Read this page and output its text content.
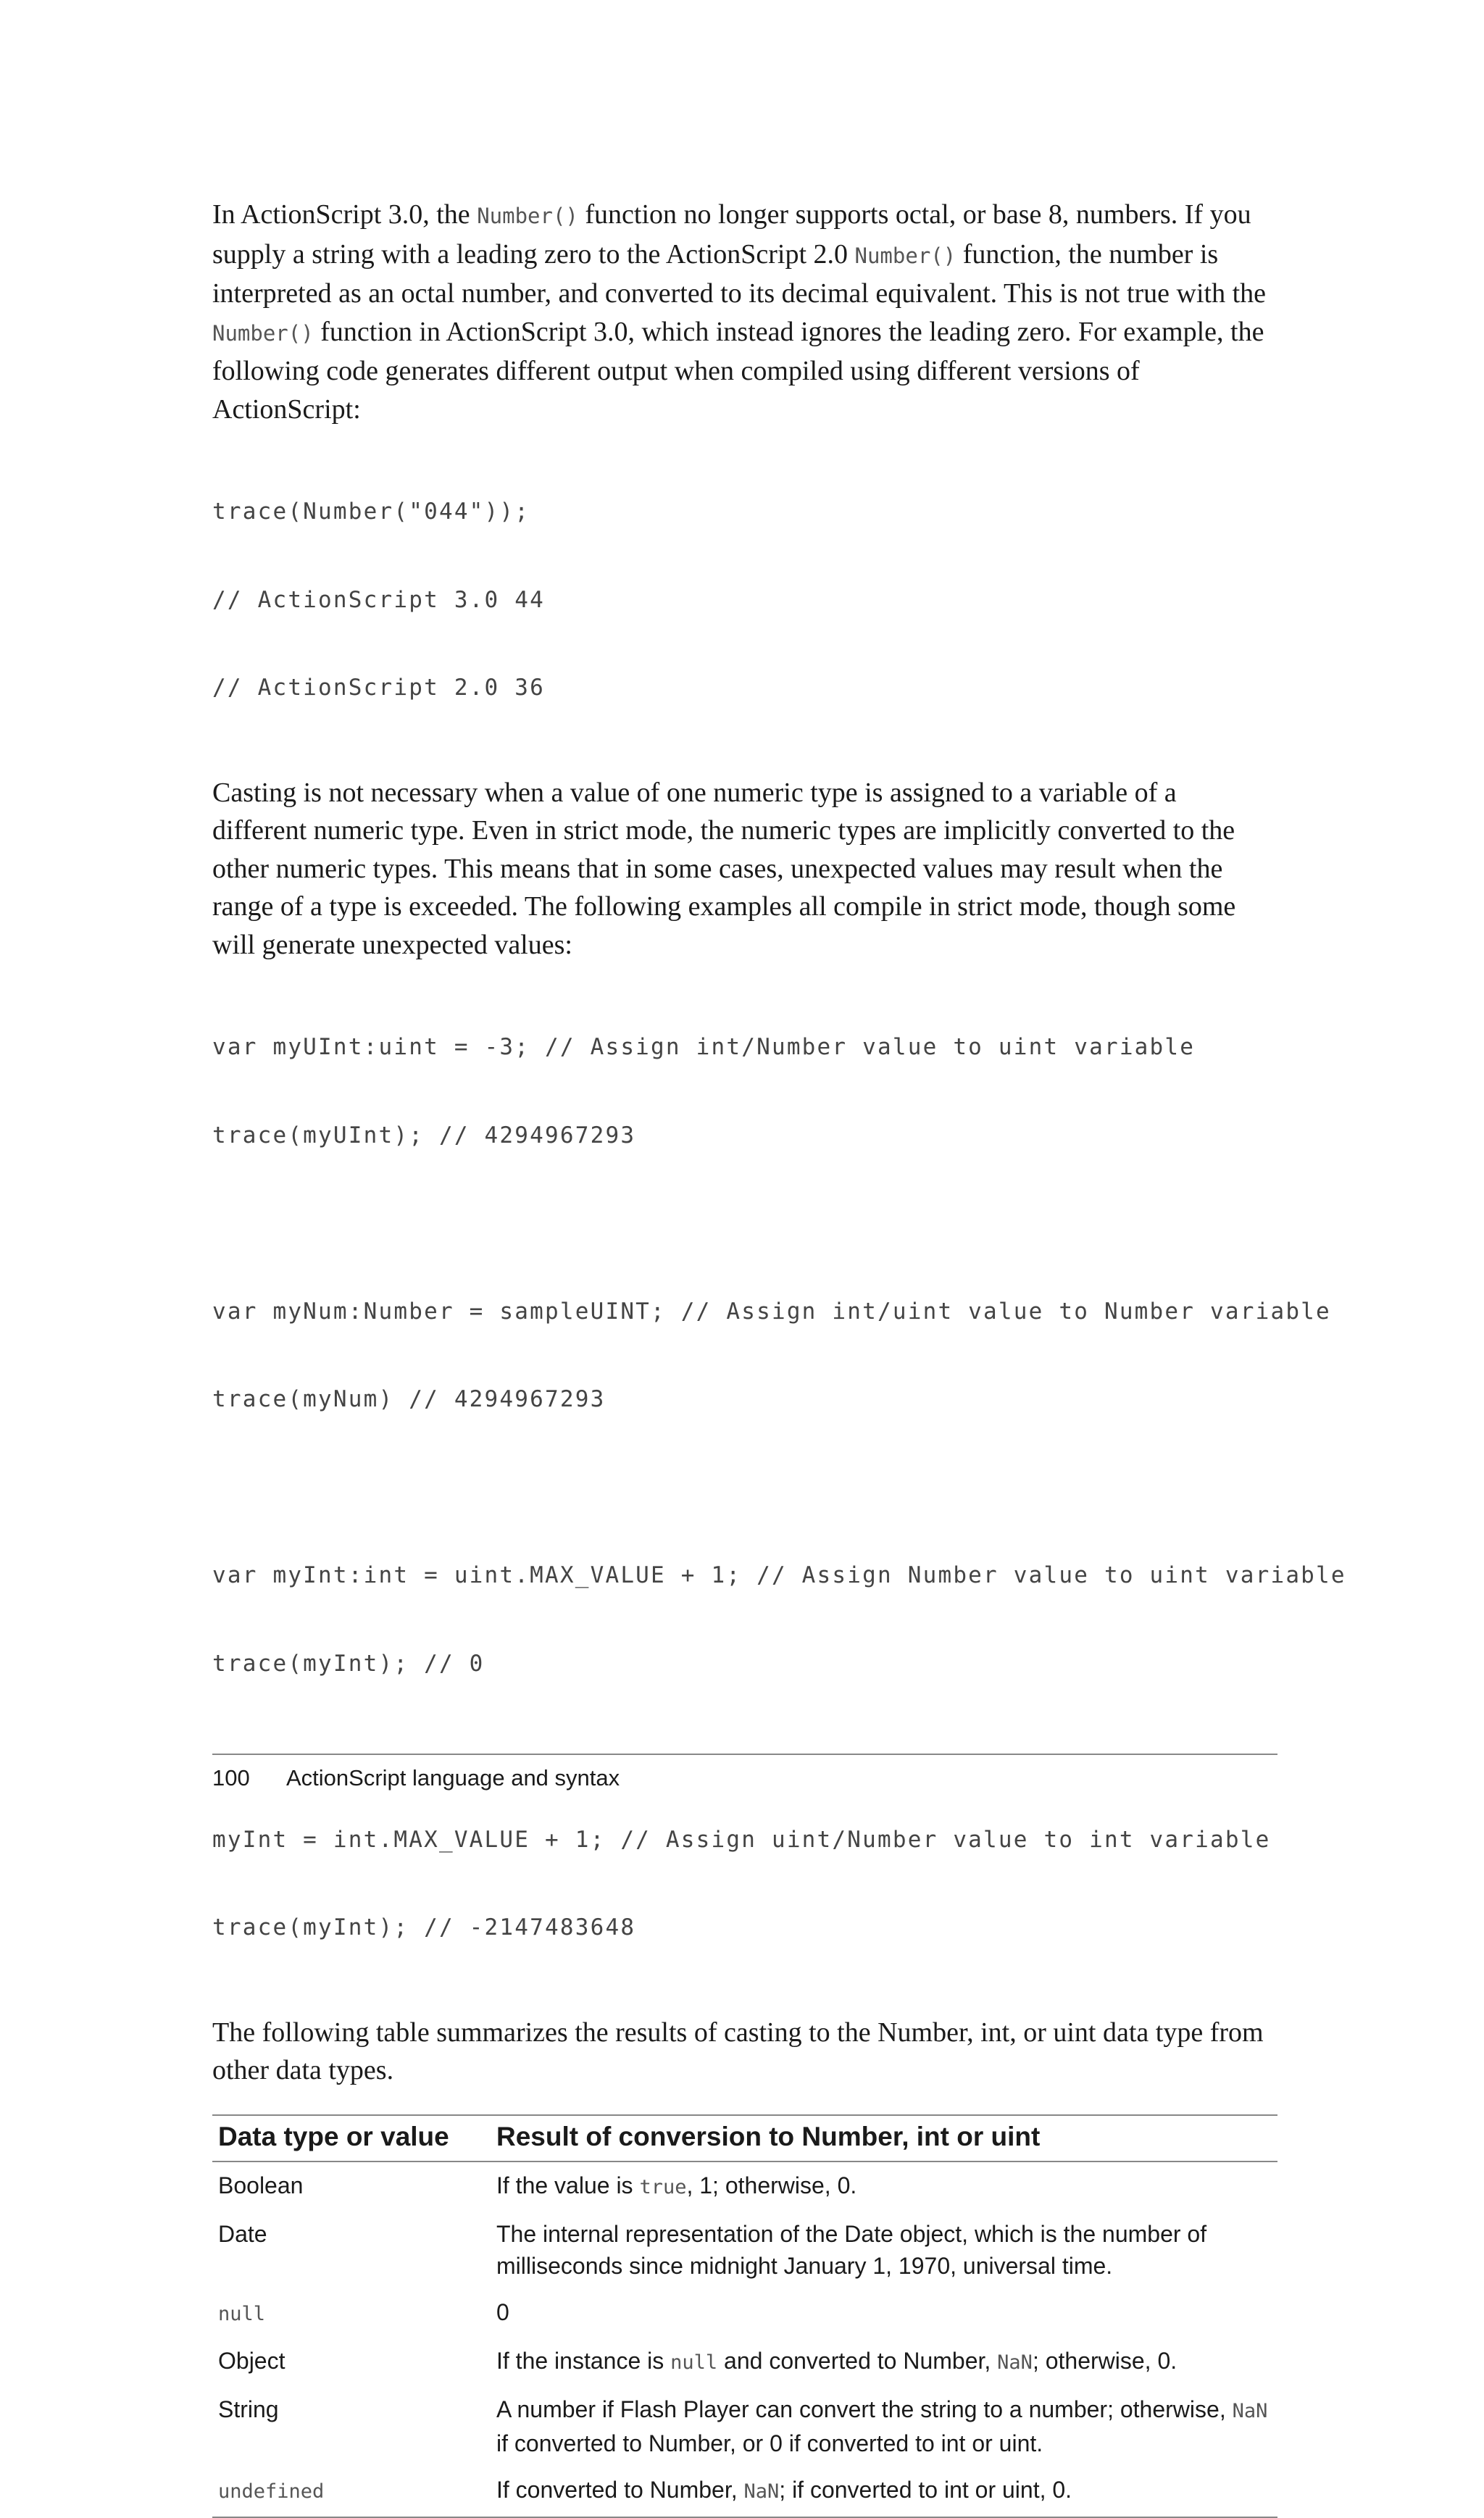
In ActionScript 3.0, the Number() function no longer supports octal, or base 8, numbers. If you supply a string with a leading zero to the ActionScript 2.0 Number() function, the number is interpreted as an octal number, and converted to its decimal equivalent. This is not true with the Number() function in ActionScript 3.0, which instead ignores the leading zero. For example, the following code generates different output when compiled using different versions of ActionScript:

trace(Number("044"));

// ActionScript 3.0 44

// ActionScript 2.0 36

Casting is not necessary when a value of one numeric type is assigned to a variable of a different numeric type. Even in strict mode, the numeric types are implicitly converted to the other numeric types. This means that in some cases, unexpected values may result when the range of a type is exceeded. The following examples all compile in strict mode, though some will generate unexpected values:

var myUInt:uint = -3; // Assign int/Number value to uint variable

trace(myUInt); // 4294967293

var myNum:Number = sampleUINT; // Assign int/uint value to Number variable

trace(myNum) // 4294967293

var myInt:int = uint.MAX_VALUE + 1; // Assign Number value to uint variable

trace(myInt); // 0

myInt = int.MAX_VALUE + 1; // Assign uint/Number value to int variable

trace(myInt); // -2147483648

The following table summarizes the results of casting to the Number, int, or uint data type from other data types.

Data type or value	Result of conversion to Number, int or uint
Boolean	If the value is true, 1; otherwise, 0.
Date	The internal representation of the Date object, which is the number of milliseconds since midnight January 1, 1970, universal time.
null	0
Object	If the instance is null and converted to Number, NaN; otherwise, 0.
String	A number if Flash Player can convert the string to a number; otherwise, NaN if converted to Number, or 0 if converted to int or uint.
undefined	If converted to Number, NaN; if converted to int or uint, 0.
100 ActionScript language and syntax
